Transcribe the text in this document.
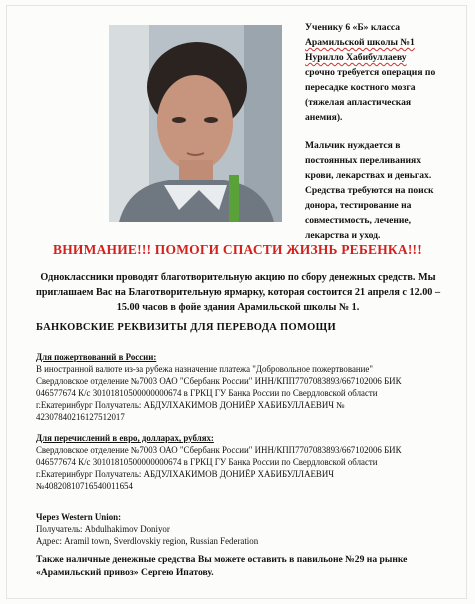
Ученику 6 «Б» класса
Арамильской школы №1
Нурилло Хабибуллаеву
срочно требуется операция по
пересадке костного мозга
(тяжелая апластическая
анемия).

Мальчик нуждается в
постоянных переливаниях
крови, лекарствах и деньгах.
Средства требуются на поиск
донора, тестирование на
совместимость, лечение,
лекарства и уход.

ВНИМАНИЕ!!! ПОМОГИ СПАСТИ ЖИЗНЬ РЕБЕНКА!!!
Одноклассники проводят благотворительную акцию по сбору денежных средств. Мы
приглашаем Вас на Благотворительную ярмарку, которая состоится 21 апреля с 12.00 –
15.00 часов в фойе здания Арамильской школы № 1.
БАНКОВСКИЕ РЕКВИЗИТЫ ДЛЯ ПЕРЕВОДА ПОМОЩИ
Для пожертвований в России:
В иностранной валюте из-за рубежа назначение платежа "Добровольное пожертвование"
Свердловское отделение №7003 ОАО "Сбербанк России" ИНН/КПП7707083893/667102006 БИК
046577674 К/с 30101810500000000674 в ГРКЦ ГУ Банка России по Свердловской области
г.Екатеринбург Получатель: АБДУЛХАКИМОВ ДОНИЁР ХАБИБУЛЛАЕВИЧ №
42307840216127512017
Для перечислений в евро, долларах, рублях:
Свердловское отделение №7003 ОАО "Сбербанк России" ИНН/КПП7707083893/667102006 БИК
046577674 К/с 30101810500000000674 в ГРКЦ ГУ Банка России по Свердловской области
г.Екатеринбург Получатель: АБДУЛХАКИМОВ ДОНИЁР ХАБИБУЛЛАЕВИЧ
№40820810716540011654
Через Western Union:
Получатель: Abdulhakimov Doniyor
Адрес: Aramil town, Sverdlovskiy region, Russian Federation
Также наличные денежные средства Вы можете оставить в павильоне №29 на рынке
«Арамильский привоз» Сергею Ипатову.
